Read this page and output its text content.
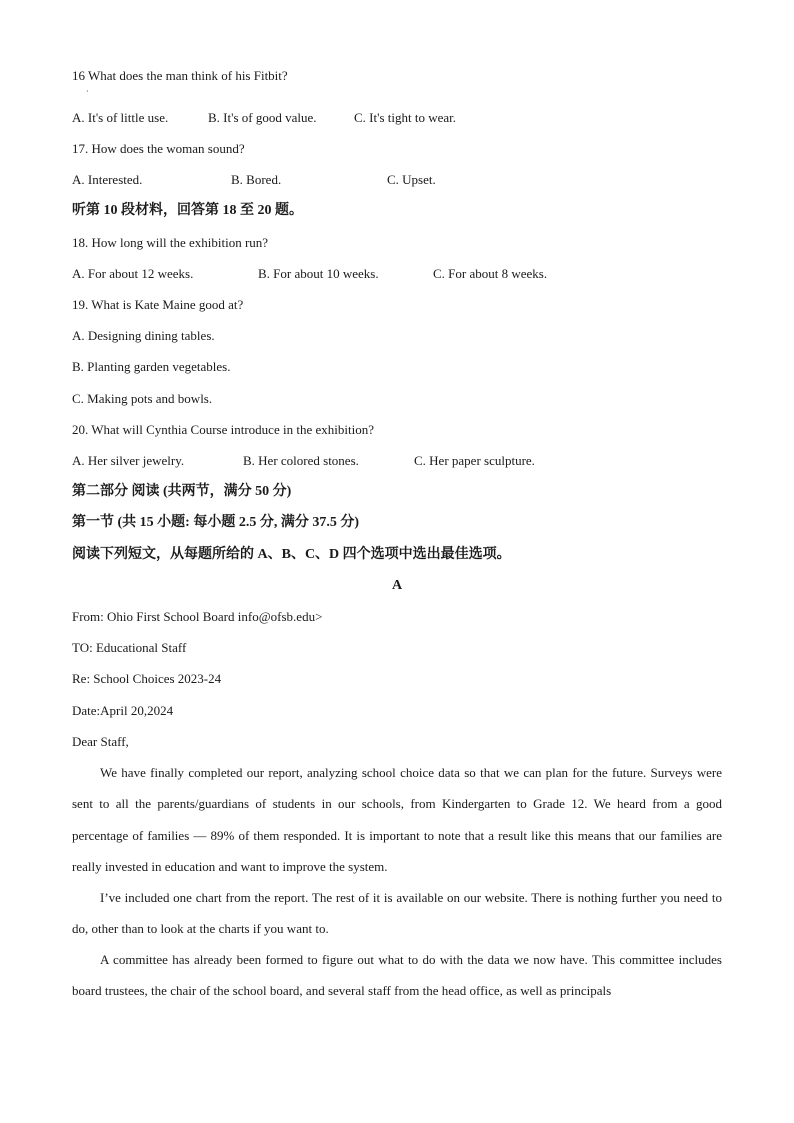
16 What does the man think of his Fitbit?
·
A. It's of little use.	B. It's of good value.	C. It's tight to wear.
17. How does the woman sound?
A. Interested.	B. Bored.	C. Upset.
听第 10 段材料，回答第 18 至 20 题。
18. How long will the exhibition run?
A. For about 12 weeks.	B. For about 10 weeks.	C. For about 8 weeks.
19. What is Kate Maine good at?
A. Designing dining tables.
B. Planting garden vegetables.
C. Making pots and bowls.
20. What will Cynthia Course introduce in the exhibition?
A. Her silver jewelry.	B. Her colored stones.	C. Her paper sculpture.
第二部分 阅读 (共两节，满分 50 分)
第一节 (共 15 小题: 每小题 2.5 分, 满分 37.5 分)
阅读下列短文，从每题所给的 A、B、C、D 四个选项中选出最佳选项。
A
From: Ohio First School Board info@ofsb.edu>
TO: Educational Staff
Re: School Choices 2023-24
Date:April 20,2024
Dear Staff,
We have finally completed our report, analyzing school choice data so that we can plan for the future. Surveys were sent to all the parents/guardians of students in our schools, from Kindergarten to Grade 12. We heard from a good percentage of families — 89% of them responded. It is important to note that a result like this means that our families are really invested in education and want to improve the system.
I’ve included one chart from the report. The rest of it is available on our website. There is nothing further you need to do, other than to look at the charts if you want to.
A committee has already been formed to figure out what to do with the data we now have. This committee includes board trustees, the chair of the school board, and several staff from the head office, as well as principals
